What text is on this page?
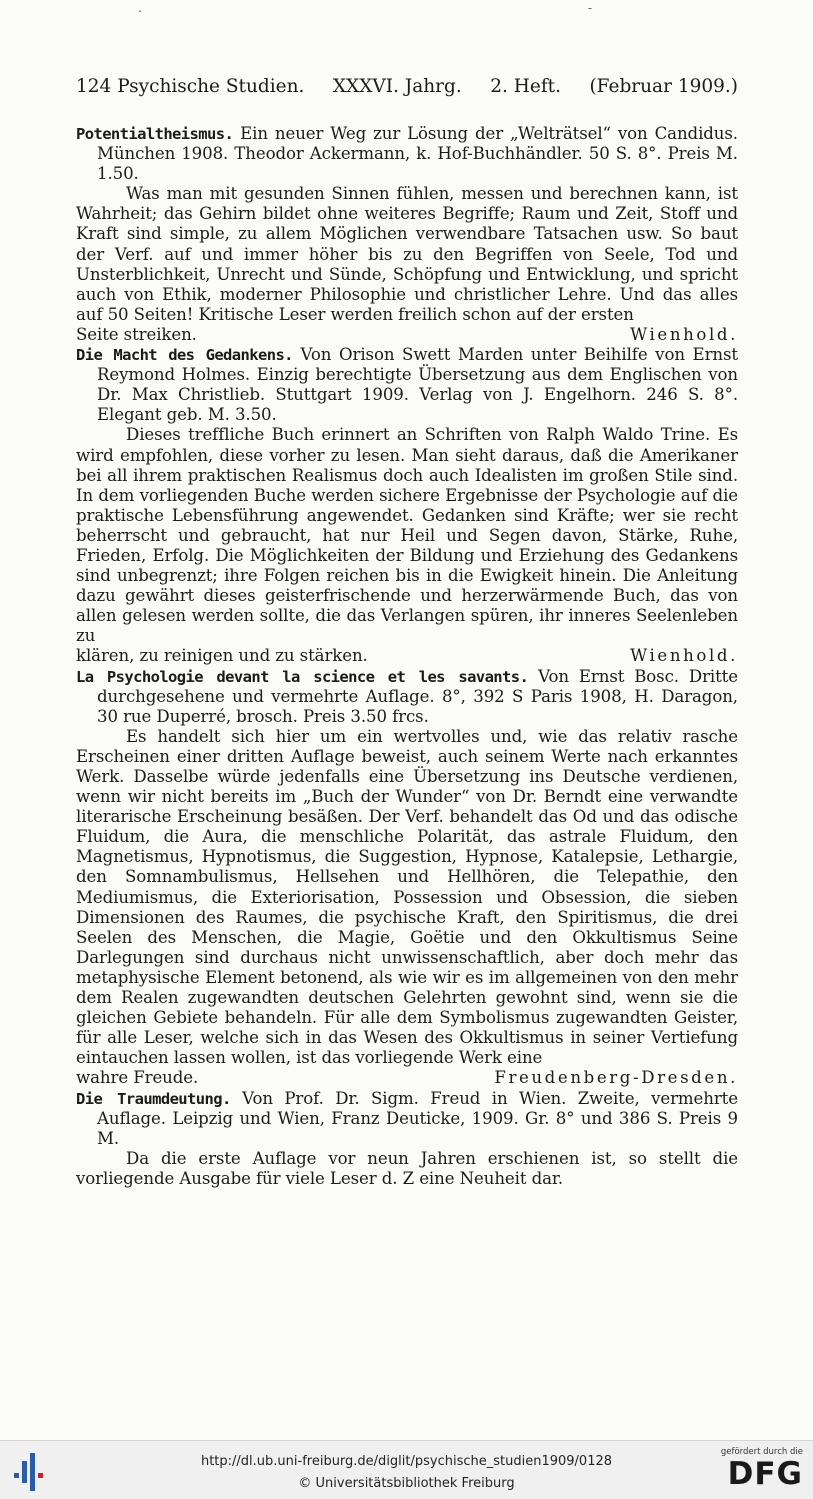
.	-
124 Psychische Studien. XXXVI. Jahrg. 2. Heft. (Februar 1909.)

Potentialtheismus. Ein neuer Weg zur Lösung der „Welträtsel“ von Candidus. München 1908. Theodor Ackermann, k. Hof-Buchhändler. 50 S. 8°. Preis M. 1.50.

Was man mit gesunden Sinnen fühlen, messen und berechnen kann, ist Wahrheit; das Gehirn bildet ohne weiteres Begriffe; Raum und Zeit, Stoff und Kraft sind simple, zu allem Möglichen verwendbare Tatsachen usw. So baut der Verf. auf und immer höher bis zu den Begriffen von Seele, Tod und Unsterblichkeit, Unrecht und Sünde, Schöpfung und Entwicklung, und spricht auch von Ethik, moderner Philosophie und christlicher Lehre. Und das alles auf 50 Seiten! Kritische Leser werden freilich schon auf der ersten

Seite streiken.	Wienhold.

Die Macht des Gedankens. Von Orison Swett Marden unter Beihilfe von Ernst Reymond Holmes. Einzig berechtigte Übersetzung aus dem Englischen von Dr. Max Christlieb. Stuttgart 1909. Verlag von J. Engelhorn. 246 S. 8°. Elegant geb. M. 3.50.

Dieses treffliche Buch erinnert an Schriften von Ralph Waldo Trine. Es wird empfohlen, diese vorher zu lesen. Man sieht daraus, daß die Amerikaner bei all ihrem praktischen Realismus doch auch Idealisten im großen Stile sind. In dem vorliegenden Buche werden sichere Ergebnisse der Psychologie auf die praktische Lebensführung angewendet. Gedanken sind Kräfte; wer sie recht beherrscht und gebraucht, hat nur Heil und Segen davon, Stärke, Ruhe, Frieden, Erfolg. Die Möglichkeiten der Bildung und Erziehung des Gedankens sind unbegrenzt; ihre Folgen reichen bis in die Ewigkeit hinein. Die Anleitung dazu gewährt dieses geisterfrischende und herzerwärmende Buch, das von allen gelesen werden sollte, die das Verlangen spüren, ihr inneres Seelenleben zu

klären, zu reinigen und zu stärken.	Wienhold.

La Psychologie devant la science et les savants. Von Ernst Bosc. Dritte durchgesehene und vermehrte Auflage. 8°, 392 S Paris 1908, H. Daragon, 30 rue Duperré, brosch. Preis 3.50 frcs.

Es handelt sich hier um ein wertvolles und, wie das relativ rasche Erscheinen einer dritten Auflage beweist, auch seinem Werte nach erkanntes Werk. Dasselbe würde jedenfalls eine Übersetzung ins Deutsche verdienen, wenn wir nicht bereits im „Buch der Wunder“ von Dr. Berndt eine verwandte literarische Erscheinung besäßen. Der Verf. behandelt das Od und das odische Fluidum, die Aura, die menschliche Polarität, das astrale Fluidum, den Magnetismus, Hypnotismus, die Suggestion, Hypnose, Katalepsie, Lethargie, den Somnambulismus, Hellsehen und Hellhören, die Telepathie, den Mediumismus, die Exteriorisation, Possession und Obsession, die sieben Dimensionen des Raumes, die psychische Kraft, den Spiritismus, die drei Seelen des Menschen, die Magie, Goëtie und den Okkultismus Seine Darlegungen sind durchaus nicht unwissenschaftlich, aber doch mehr das metaphysische Element betonend, als wie wir es im allgemeinen von den mehr dem Realen zugewandten deutschen Gelehrten gewohnt sind, wenn sie die gleichen Gebiete behandeln. Für alle dem Symbolismus zugewandten Geister, für alle Leser, welche sich in das Wesen des Okkultismus in seiner Vertiefung eintauchen lassen wollen, ist das vorliegende Werk eine

wahre Freude.	Freudenberg-Dresden.

Die Traumdeutung. Von Prof. Dr. Sigm. Freud in Wien. Zweite, vermehrte Auflage. Leipzig und Wien, Franz Deuticke, 1909. Gr. 8° und 386 S. Preis 9 M.

Da die erste Auflage vor neun Jahren erschienen ist, so stellt die vorliegende Ausgabe für viele Leser d. Z eine Neuheit dar.

http://dl.ub.uni-freiburg.de/diglit/psychische_studien1909/0128
© Universitätsbibliothek Freiburg
gefördert durch die
DFG
